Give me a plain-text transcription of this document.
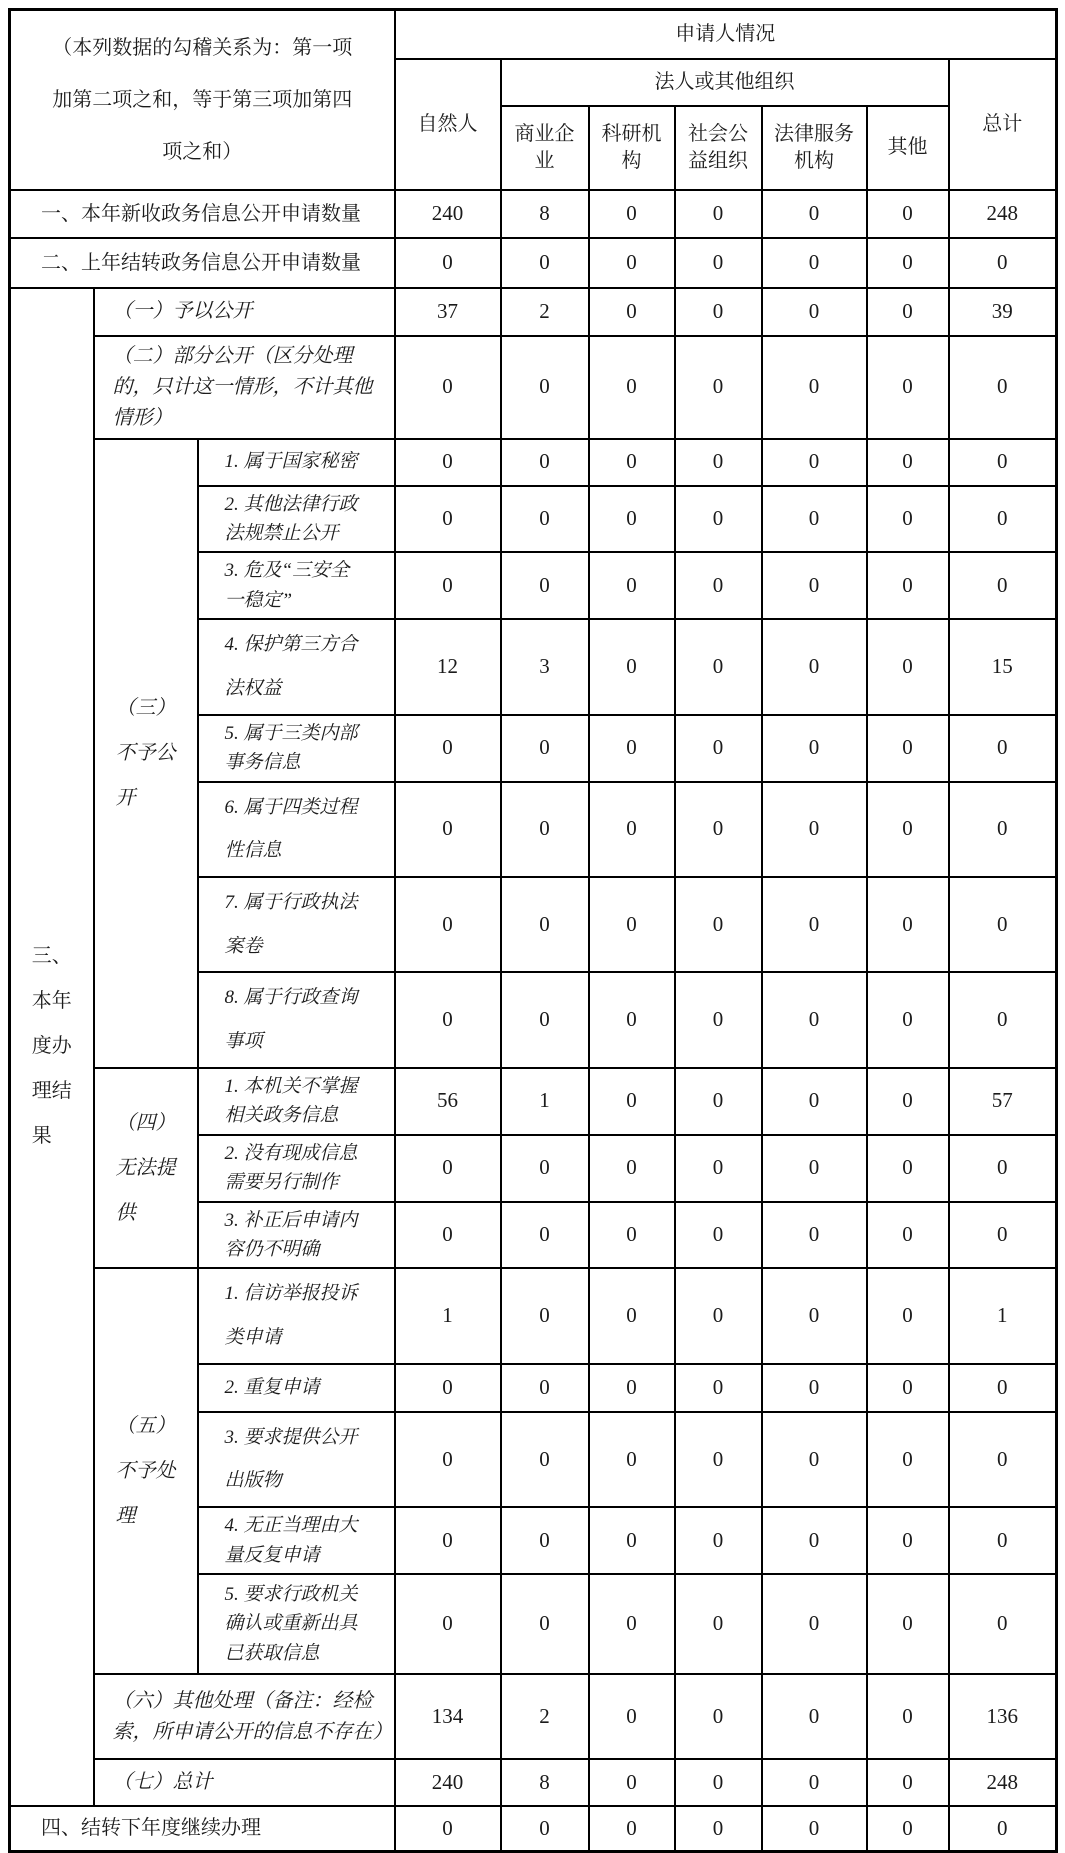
（本列数据的勾稽关系为：第一项加第二项之和，等于第三项加第四项之和）			申请人情况						
			自然人	法人或其他组织					总计
				商业企业	科研机构	社会公益组织	法律服务机构	其他	
一、本年新收政务信息公开申请数量			240	8	0	0	0	0	248
二、上年结转政务信息公开申请数量			0	0	0	0	0	0	0
三、本年度办理结果	（一）予以公开		37	2	0	0	0	0	39
	（二）部分公开（区分处理的，只计这一情形，不计其他情形）		0	0	0	0	0	0	0
	（三）不予公开	1. 属于国家秘密	0	0	0	0	0	0	0
		2. 其他法律行政法规禁止公开	0	0	0	0	0	0	0
		3. 危及“三安全一稳定”	0	0	0	0	0	0	0
		4. 保护第三方合法权益	12	3	0	0	0	0	15
		5. 属于三类内部事务信息	0	0	0	0	0	0	0
		6. 属于四类过程性信息	0	0	0	0	0	0	0
		7. 属于行政执法案卷	0	0	0	0	0	0	0
		8. 属于行政查询事项	0	0	0	0	0	0	0
	（四）无法提供	1. 本机关不掌握相关政务信息	56	1	0	0	0	0	57
		2. 没有现成信息需要另行制作	0	0	0	0	0	0	0
		3. 补正后申请内容仍不明确	0	0	0	0	0	0	0
	（五）不予处理	1. 信访举报投诉类申请	1	0	0	0	0	0	1
		2. 重复申请	0	0	0	0	0	0	0
		3. 要求提供公开出版物	0	0	0	0	0	0	0
		4. 无正当理由大量反复申请	0	0	0	0	0	0	0
		5. 要求行政机关确认或重新出具已获取信息	0	0	0	0	0	0	0
	（六）其他处理（备注：经检索，所申请公开的信息不存在）		134	2	0	0	0	0	136
	（七）总计		240	8	0	0	0	0	248
四、结转下年度继续办理			0	0	0	0	0	0	0
